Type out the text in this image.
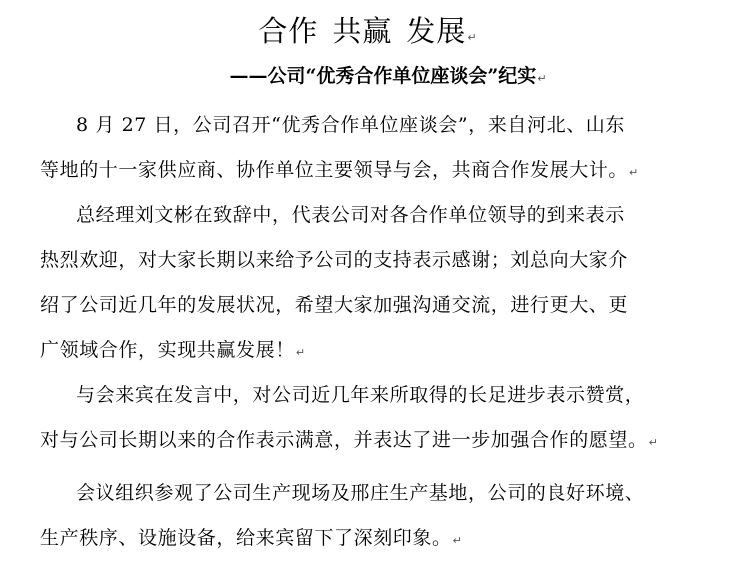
合作 共赢 发展↵
——公司“优秀合作单位座谈会”纪实↵
8 月 27 日，公司召开“优秀合作单位座谈会”，来自河北、山东
等地的十一家供应商、协作单位主要领导与会，共商合作发展大计。↵
总经理刘文彬在致辞中，代表公司对各合作单位领导的到来表示
热烈欢迎，对大家长期以来给予公司的支持表示感谢；刘总向大家介
绍了公司近几年的发展状况，希望大家加强沟通交流，进行更大、更
广领域合作，实现共赢发展！↵
与会来宾在发言中，对公司近几年来所取得的长足进步表示赞赏，
对与公司长期以来的合作表示满意，并表达了进一步加强合作的愿望。↵
会议组织参观了公司生产现场及邢庄生产基地，公司的良好环境、
生产秩序、设施设备，给来宾留下了深刻印象。↵
